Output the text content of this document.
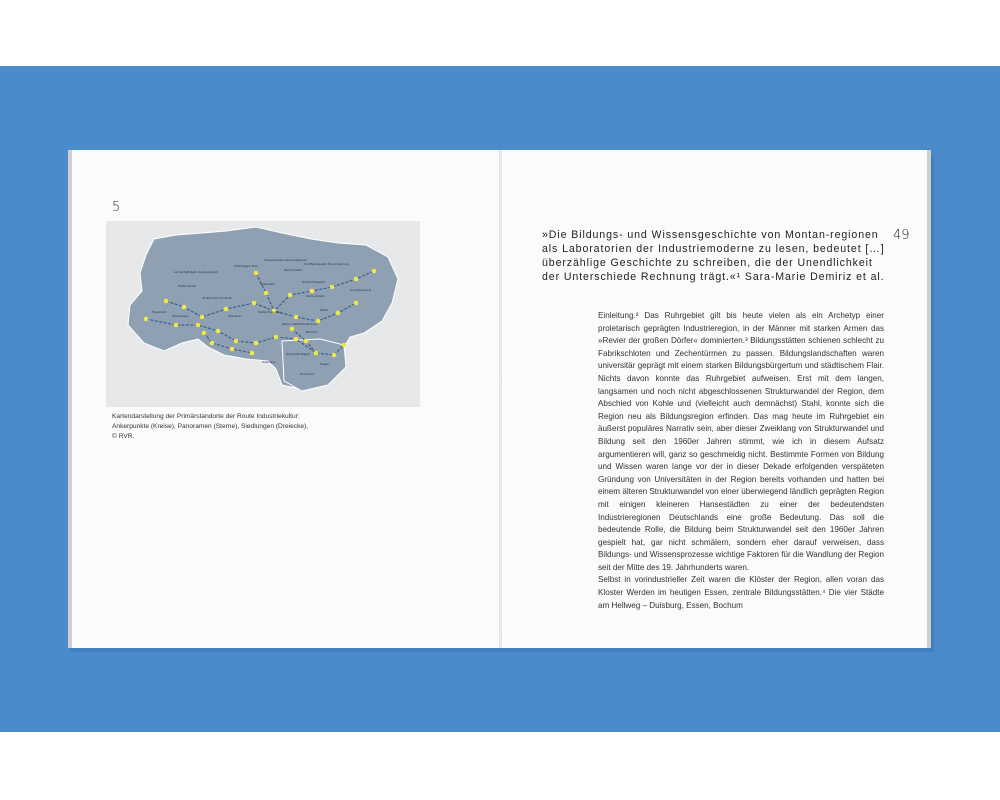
5
Chemiepark Marl
Umspannwerk Recklinghausen
Landschaftspark Duisburg-Nord
Gasometer
Halde Haniel
Zeche Ewald
St. Bernhard Schacht
Halde Rheinelbe
Zollverein
Jahrhunderthalle Bochum
DASA
Zeche Zollern
Lindenbrauerei
Halde Hoheward
Eisenheim
Oberhausen
Bochum
Hattingen
Zeche Nachtigall
Hohenhof
Schiffshebewerk Henrichenburg
Hagen
Kartendarstellung der Primärstandorte der Route Industriekultur: Ankerpunkte (Kreise), Panoramen (Sterne), Siedlungen (Dreiecke), © RVR.
49
»Die Bildungs- und Wissensgeschichte von Montan-regionen als Laboratorien der Industriemoderne zu lesen, bedeutet […] überzählige Geschichte zu schreiben, die der Unendlichkeit der Unterschiede Rechnung trägt.«¹ Sara-Marie Demiriz et al.

Einleitung.² Das Ruhrgebiet gilt bis heute vielen als ein Archetyp einer proletarisch geprägten Industrieregion, in der Männer mit starken Armen das »Revier der großen Dörfer« dominierten.³ Bildungsstätten schienen schlecht zu Fabrikschloten und Zechentürmen zu passen. Bildungslandschaften waren universitär geprägt mit einem starken Bildungsbürgertum und städtischem Flair. Nichts davon konnte das Ruhrgebiet aufweisen. Erst mit dem langen, langsamen und noch nicht abgeschlossenen Strukturwandel der Region, dem Abschied von Kohle und (vielleicht auch demnächst) Stahl, konnte sich die Region neu als Bildungsregion erfinden. Das mag heute im Ruhrgebiet ein äußerst populäres Narrativ sein, aber dieser Zweiklang von Strukturwandel und Bildung seit den 1960er Jahren stimmt, wie ich in diesem Aufsatz argumentieren will, ganz so geschmeidig nicht. Bestimmte Formen von Bildung und Wissen waren lange vor der in dieser Dekade erfolgenden verspäteten Gründung von Universitäten in der Region bereits vorhanden und hatten bei einem älteren Strukturwandel von einer überwiegend ländlich geprägten Region mit einigen kleineren Hansestädten zu einer der bedeutendsten Industrieregionen Deutschlands eine große Bedeutung. Das soll die bedeutende Rolle, die Bildung beim Strukturwandel seit den 1960er Jahren gespielt hat, gar nicht schmälern, sondern eher darauf verweisen, dass Bildungs- und Wissensprozesse wichtige Faktoren für die Wandlung der Region seit der Mitte des 19. Jahrhunderts waren.

Selbst in vorindustrieller Zeit waren die Klöster der Region, allen voran das Kloster Werden im heutigen Essen, zentrale Bildungsstätten.⁴ Die vier Städte am Hellweg – Duisburg, Essen, Bochum
